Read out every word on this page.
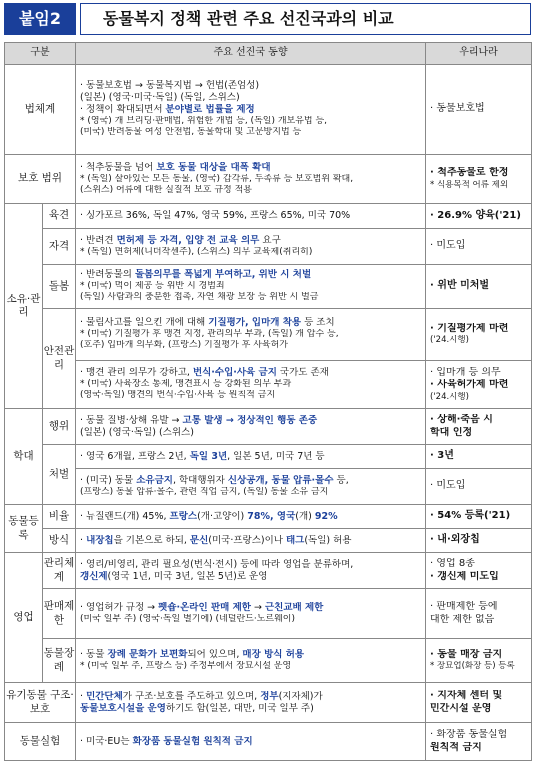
붙임2	동물복지 정책 관련 주요 선진국과의 비교
구분		주요 선진국 동향	우리나라
법체계		· 동물보호법 → 동물복지법 → 헌법(존엄성)
(일본) (영국·미국·독일) (독일, 스위스)
· 정책이 확대되면서 분야별로 법률을 제정
* (영국) 개 브리딩·판매법, 위험한 개법 등, (독일) 개보유법 등,
(미국) 반려동물 여성 안전법, 동물학대 및 고문방지법 등	· 동물보호법
보호 범위		· 척추동물을 넘어 보호 동물 대상을 대폭 확대
* (독일) 살아있는 모든 동물, (영국) 갑각류, 두족류 등 보호범위 확대,
(스위스) 어류에 대한 실질적 보호 규정 적용	· 척추동물로 한정
* 식용목적 어류 제외

소유·관리	육견	· 싱가포르 36%, 독일 47%, 영국 59%, 프랑스 65%, 미국 70%	· 26.9% 양육('21)
	자격	· 반려견 면허제 등 자격, 입양 전 교육 의무 요구
* (독일) 면허제(니더작센주), (스위스) 의무 교육제(취리히)	· 미도입
	돌봄	· 반려동물의 돌봄의무를 폭넓게 부여하고, 위반 시 처벌
* (미국) 먹이 제공 등 위반 시 경범죄
(독일) 사람과의 충분한 접촉, 자연 채광 보장 등 위반 시 벌금	· 위반 미처벌
	안전관리	· 물림사고를 일으킨 개에 대해 기질평가, 입마개 착용 등 조치
* (미국) 기질평가 후 맹견 지정, 관리의무 부과, (독일) 개 압수 등,
(호주) 입마개 의무화, (프랑스) 기질평가 후 사육허가	· 기질평가제 마련
('24.시행)

		· 맹견 관리 의무가 강하고, 번식·수입·사육 금지 국가도 존재
* (미국) 사육장소 통제, 맹견표시 등 강화된 의무 부과
(영국·독일) 맹견의 번식·수입·사육 등 원칙적 금지	· 입마개 등 의무
· 사육허가제 마련
('24.시행)

학대	행위	· 동물 질병·상해 유발 → 고통 발생 → 정상적인 행동 존중
(일본) (영국·독일) (스위스)	· 상해·죽음 시
학대 인정

	처벌	· 영국 6개월, 프랑스 2년, 독일 3년, 일본 5년, 미국 7년 등	· 3년

		· (미국) 동물 소유금지, 학대행위자 신상공개, 동물 압류·몰수 등,
(프랑스) 동물 압류·몰수, 관련 직업 금지, (독일) 동물 소유 금지	· 미도입
동물등록	비율	· 뉴질랜드(개) 45%, 프랑스(개·고양이) 78%, 영국(개) 92%	· 54% 등록('21)
	방식	· 내장칩을 기본으로 하되, 문신(미국·프랑스)이나 태그(독일) 허용	· 내·외장칩
영업	관리체계	· 영리/비영리, 관리 필요성(번식·전시) 등에 따라 영업을 분류하며,
갱신제(영국 1년, 미국 3년, 일본 5년)로 운영	· 영업 8종
· 갱신제 미도입

	판매제한	· 영업허가 규정 → 펫숍·온라인 판매 제한 → 근친교배 제한
(미국 일부 주) (영국·독일 별기에) (네덜란드·노르웨이)	· 판매제한 등에
대한 제한 없음

	동물장례	· 동물 장례 문화가 보편화되어 있으며, 매장 방식 허용
* (미국 일부 주, 프랑스 등) 주정부에서 장묘시설 운영	· 동물 매장 금지
* 장묘업(화장 등) 등록

유기동물 구조·보호		· 민간단체가 구조·보호를 주도하고 있으며, 정부(지자체)가
동물보호시설을 운영하기도 함(일본, 대만, 미국 일부 주)	· 지자체 센터 및
민간시설 운영

동물실험		· 미국·EU는 화장품 동물실험 원칙적 금지	· 화장품 동물실험
원칙적 금지
